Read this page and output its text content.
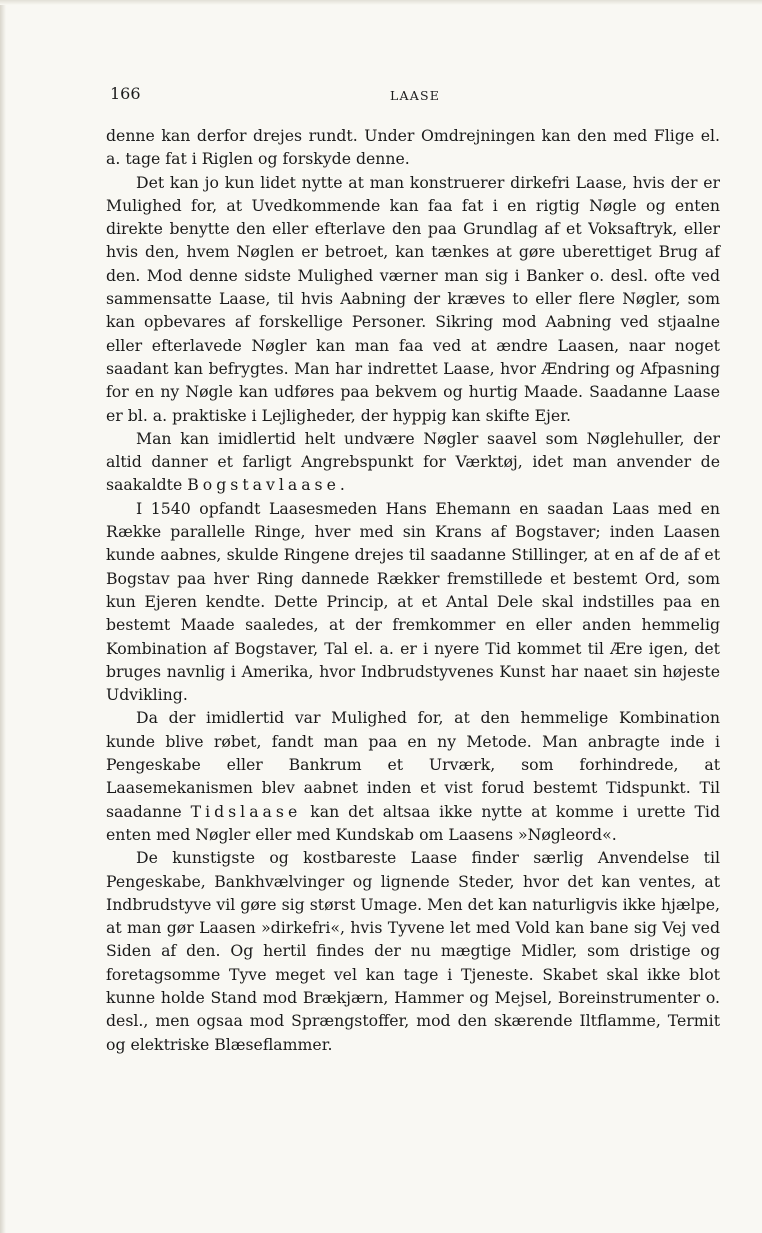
166	LAASE

denne kan derfor drejes rundt. Under Omdrejningen kan den med Flige el. a. tage fat i Riglen og forskyde denne.

Det kan jo kun lidet nytte at man konstruerer dirkefri Laase, hvis der er Mulighed for, at Uvedkommende kan faa fat i en rigtig Nøgle og enten direkte benytte den eller efterlave den paa Grundlag af et Voksaftryk, eller hvis den, hvem Nøglen er betroet, kan tænkes at gøre uberettiget Brug af den. Mod denne sidste Mulighed værner man sig i Banker o. desl. ofte ved sammensatte Laase, til hvis Aabning der kræves to eller flere Nøgler, som kan opbevares af forskellige Personer. Sikring mod Aabning ved stjaalne eller efterlavede Nøgler kan man faa ved at ændre Laasen, naar noget saadant kan befrygtes. Man har indrettet Laase, hvor Ændring og Afpasning for en ny Nøgle kan udføres paa bekvem og hurtig Maade. Saadanne Laase er bl. a. praktiske i Lejligheder, der hyppig kan skifte Ejer.

Man kan imidlertid helt undvære Nøgler saavel som Nøglehuller, der altid danner et farligt Angrebspunkt for Værktøj, idet man anvender de saakaldte Bogstavlaase.

I 1540 opfandt Laasesmeden Hans Ehemann en saadan Laas med en Række parallelle Ringe, hver med sin Krans af Bogstaver; inden Laasen kunde aabnes, skulde Ringene drejes til saadanne Stillinger, at en af de af et Bogstav paa hver Ring dannede Rækker fremstillede et bestemt Ord, som kun Ejeren kendte. Dette Princip, at et Antal Dele skal indstilles paa en bestemt Maade saaledes, at der fremkommer en eller anden hemmelig Kombination af Bogstaver, Tal el. a. er i nyere Tid kommet til Ære igen, det bruges navnlig i Amerika, hvor Indbrudstyvenes Kunst har naaet sin højeste Udvikling.

Da der imidlertid var Mulighed for, at den hemmelige Kombination kunde blive røbet, fandt man paa en ny Metode. Man anbragte inde i Pengeskabe eller Bankrum et Urværk, som forhindrede, at Laasemekanismen blev aabnet inden et vist forud bestemt Tidspunkt. Til saadanne Tidslaase kan det altsaa ikke nytte at komme i urette Tid enten med Nøgler eller med Kundskab om Laasens »Nøgleord«.

De kunstigste og kostbareste Laase finder særlig Anvendelse til Pengeskabe, Bankhvælvinger og lignende Steder, hvor det kan ventes, at Indbrudstyve vil gøre sig størst Umage. Men det kan naturligvis ikke hjælpe, at man gør Laasen »dirkefri«, hvis Tyvene let med Vold kan bane sig Vej ved Siden af den. Og hertil findes der nu mægtige Midler, som dristige og foretagsomme Tyve meget vel kan tage i Tjeneste. Skabet skal ikke blot kunne holde Stand mod Brækjærn, Hammer og Mejsel, Boreinstrumenter o. desl., men ogsaa mod Sprængstoffer, mod den skærende Iltflamme, Termit og elektriske Blæseflammer.
